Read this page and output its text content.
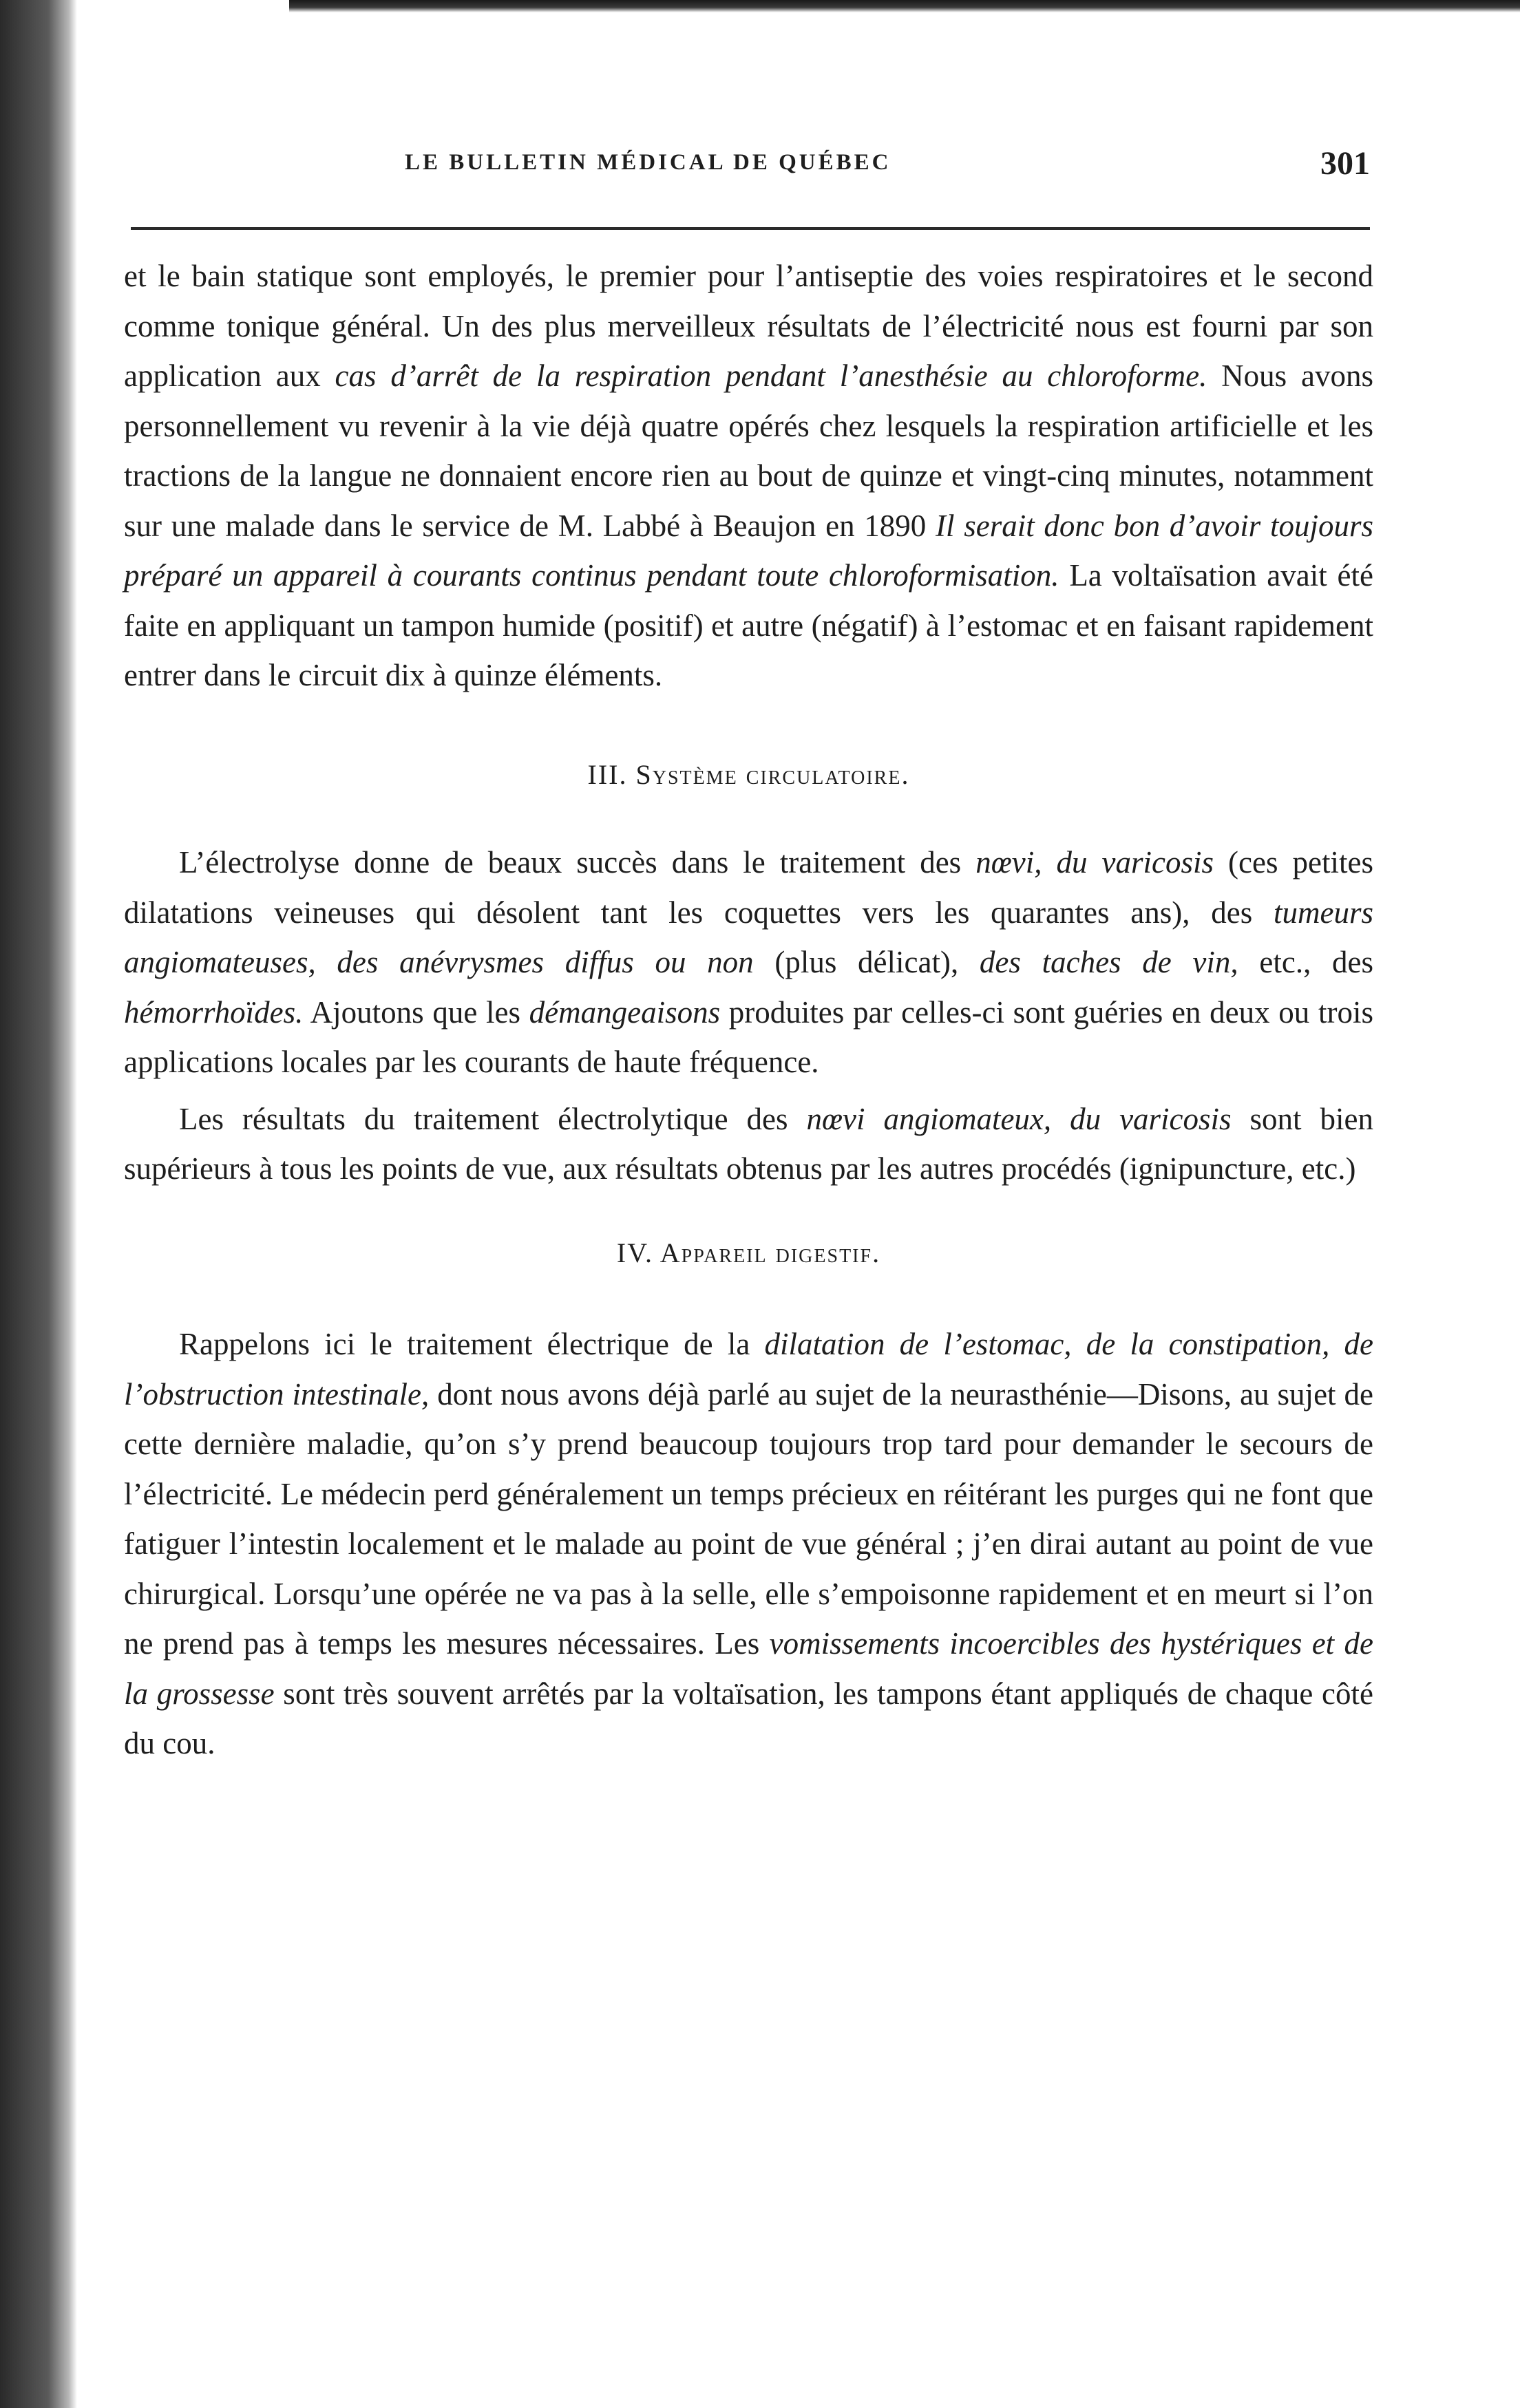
LE BULLETIN MÉDICAL DE QUÉBEC	301

et le bain statique sont employés, le premier pour l’antiseptie des voies respiratoires et le second comme tonique général. Un des plus merveilleux résultats de l’électricité nous est fourni par son application aux cas d’arrêt de la respiration pendant l’anesthésie au chloroforme. Nous avons personnellement vu revenir à la vie déjà quatre opérés chez lesquels la respiration artificielle et les tractions de la langue ne donnaient encore rien au bout de quinze et vingt-cinq minutes, notamment sur une malade dans le service de M. Labbé à Beaujon en 1890 Il serait donc bon d’avoir toujours préparé un appareil à courants continus pendant toute chloroformisation. La voltaïsation avait été faite en appliquant un tampon humide (positif) et autre (négatif) à l’estomac et en faisant rapidement entrer dans le circuit dix à quinze éléments.

III. Système circulatoire.

L’électrolyse donne de beaux succès dans le traitement des nœvi, du varicosis (ces petites dilatations veineuses qui désolent tant les coquettes vers les quarantes ans), des tumeurs angiomateuses, des anévrysmes diffus ou non (plus délicat), des taches de vin, etc., des hémorrhoïdes. Ajoutons que les démangeaisons produites par celles-ci sont guéries en deux ou trois applications locales par les courants de haute fréquence.

Les résultats du traitement électrolytique des nœvi angiomateux, du varicosis sont bien supérieurs à tous les points de vue, aux résultats obtenus par les autres procédés (ignipuncture, etc.)

IV. Appareil digestif.

Rappelons ici le traitement électrique de la dilatation de l’estomac, de la constipation, de l’obstruction intestinale, dont nous avons déjà parlé au sujet de la neurasthénie—Disons, au sujet de cette dernière maladie, qu’on s’y prend beaucoup toujours trop tard pour demander le secours de l’électricité. Le médecin perd généralement un temps précieux en réitérant les purges qui ne font que fatiguer l’intestin localement et le malade au point de vue général ; j’en dirai autant au point de vue chirurgical. Lorsqu’une opérée ne va pas à la selle, elle s’empoisonne rapidement et en meurt si l’on ne prend pas à temps les mesures nécessaires. Les vomissements incoercibles des hystériques et de la grossesse sont très souvent arrêtés par la voltaïsation, les tampons étant appliqués de chaque côté du cou.
